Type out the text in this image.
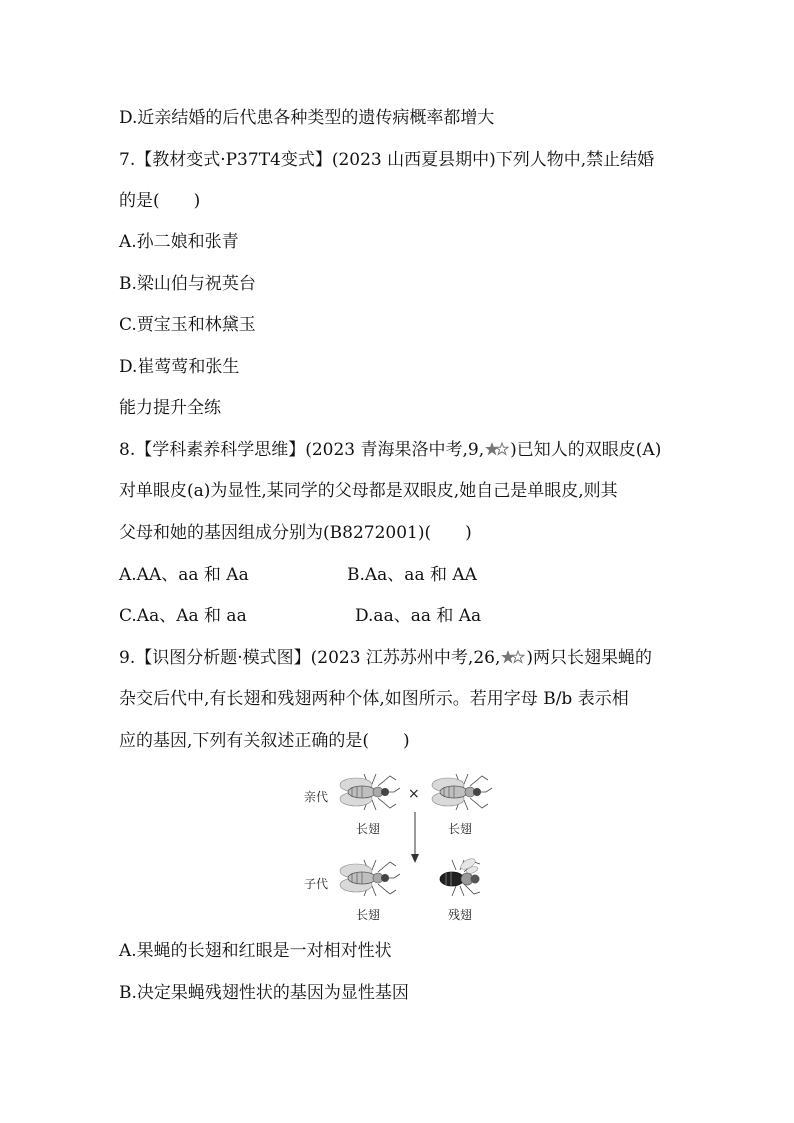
D.近亲结婚的后代患各种类型的遗传病概率都增大
7.【教材变式·P37T4变式】(2023 山西夏县期中)下列人物中,禁止结婚
的是(　　)
A.孙二娘和张青
B.梁山伯与祝英台
C.贾宝玉和林黛玉
D.崔莺莺和张生
能力提升全练
8.【学科素养科学思维】(2023 青海果洛中考,9, )已知人的双眼皮(A)
对单眼皮(a)为显性,某同学的父母都是双眼皮,她自己是单眼皮,则其
父母和她的基因组成分别为(B8272001)(　　)
A.AA、aa 和 Aa	B.Aa、aa 和 AA
C.Aa、Aa 和 aa	D.aa、aa 和 Aa
9.【识图分析题·模式图】(2023 江苏苏州中考,26, )两只长翅果蝇的
杂交后代中,有长翅和残翅两种个体,如图所示。若用字母 B/b 表示相
应的基因,下列有关叙述正确的是(　　)
亲代	×
子代
长翅	长翅
长翅	残翅
A.果蝇的长翅和红眼是一对相对性状
B.决定果蝇残翅性状的基因为显性基因
